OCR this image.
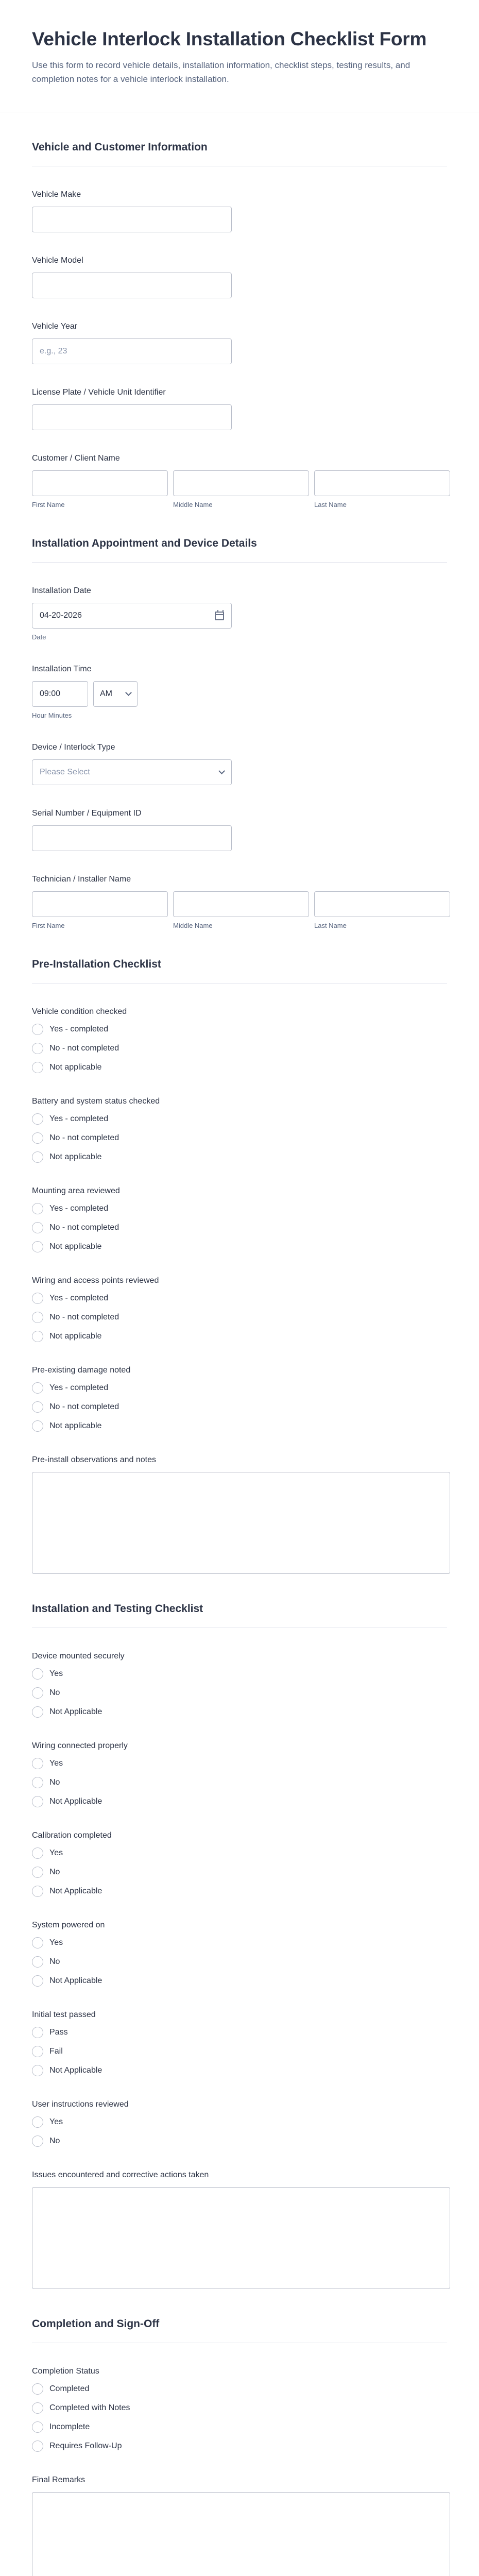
Vehicle Interlock Installation Checklist Form

Use this form to record vehicle details, installation information, checklist steps, testing results, and completion notes for a vehicle interlock installation.

Vehicle and Customer Information
Vehicle Make
Vehicle Model
Vehicle Year
e.g., 23
License Plate / Vehicle Unit Identifier
Customer / Client Name
First Name	Middle Name	Last Name
Installation Appointment and Device Details
Installation Date
04-20-2026
Date
Installation Time
09:00	AM
Hour Minutes
Device / Interlock Type
Please Select
Serial Number / Equipment ID
Technician / Installer Name
First Name	Middle Name	Last Name
Pre-Installation Checklist
Vehicle condition checked
Yes - completed
No - not completed
Not applicable
Battery and system status checked
Yes - completed
No - not completed
Not applicable
Mounting area reviewed
Yes - completed
No - not completed
Not applicable
Wiring and access points reviewed
Yes - completed
No - not completed
Not applicable
Pre-existing damage noted
Yes - completed
No - not completed
Not applicable
Pre-install observations and notes
Installation and Testing Checklist
Device mounted securely
Yes
No
Not Applicable
Wiring connected properly
Yes
No
Not Applicable
Calibration completed
Yes
No
Not Applicable
System powered on
Yes
No
Not Applicable
Initial test passed
Pass
Fail
Not Applicable
User instructions reviewed
Yes
No
Issues encountered and corrective actions taken
Completion and Sign-Off
Completion Status
Completed
Completed with Notes
Incomplete
Requires Follow-Up
Final Remarks
